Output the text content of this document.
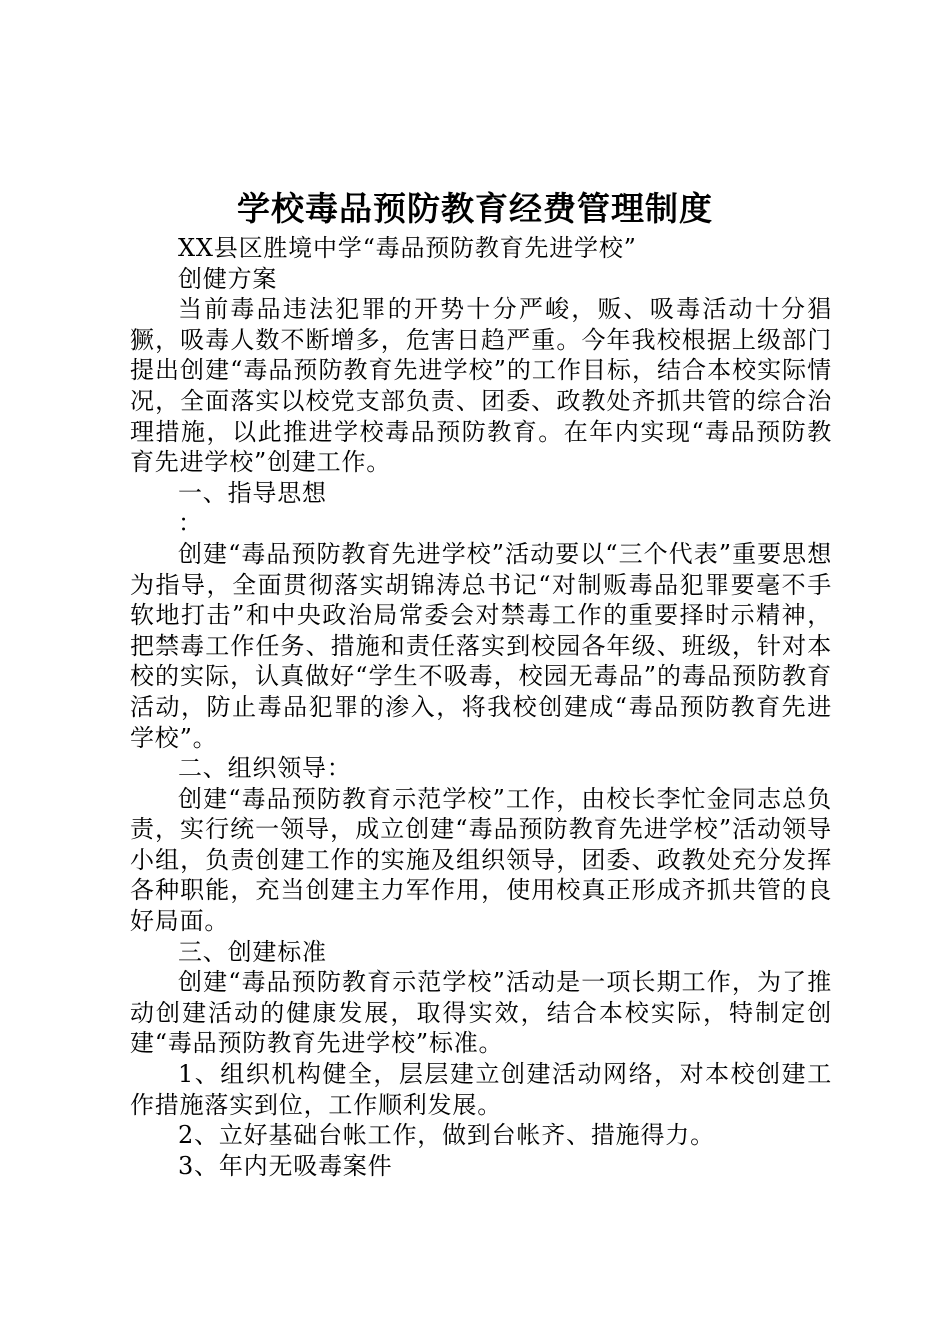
学校毒品预防教育经费管理制度

XX县区胜境中学“毒品预防教育先进学校”

创健方案

当前毒品违法犯罪的开势十分严峻，贩、吸毒活动十分猖獗，吸毒人数不断增多，危害日趋严重。今年我校根据上级部门提出创建“毒品预防教育先进学校”的工作目标，结合本校实际情况，全面落实以校党支部负责、团委、政教处齐抓共管的综合治理措施，以此推进学校毒品预防教育。在年内实现“毒品预防教育先进学校”创建工作。

一、指导思想

：

创建“毒品预防教育先进学校”活动要以“三个代表”重要思想为指导，全面贯彻落实胡锦涛总书记“对制贩毒品犯罪要毫不手软地打击”和中央政治局常委会对禁毒工作的重要择时示精神，把禁毒工作任务、措施和责任落实到校园各年级、班级，针对本校的实际，认真做好“学生不吸毒，校园无毒品”的毒品预防教育活动，防止毒品犯罪的渗入，将我校创建成“毒品预防教育先进学校”。

二、组织领导：

创建“毒品预防教育示范学校”工作，由校长李忙金同志总负责，实行统一领导，成立创建“毒品预防教育先进学校”活动领导小组，负责创建工作的实施及组织领导，团委、政教处充分发挥各种职能，充当创建主力军作用，使用校真正形成齐抓共管的良好局面。

三、创建标准

创建“毒品预防教育示范学校”活动是一项长期工作，为了推动创建活动的健康发展，取得实效，结合本校实际，特制定创建“毒品预防教育先进学校”标准。

1、组织机构健全，层层建立创建活动网络，对本校创建工作措施落实到位，工作顺利发展。

2、立好基础台帐工作，做到台帐齐、措施得力。

3、年内无吸毒案件
